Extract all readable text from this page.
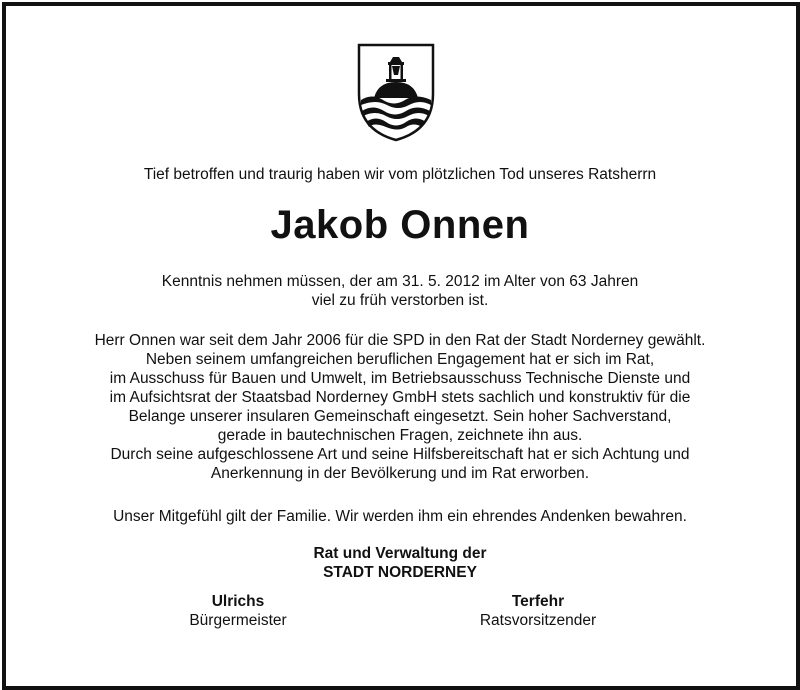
Tief betroffen und traurig haben wir vom plötzlichen Tod unseres Ratsherrn
Jakob Onnen
Kenntnis nehmen müssen, der am 31. 5. 2012 im Alter von 63 Jahren
viel zu früh verstorben ist.
Herr Onnen war seit dem Jahr 2006 für die SPD in den Rat der Stadt Norderney gewählt.
Neben seinem umfangreichen beruflichen Engagement hat er sich im Rat,
im Ausschuss für Bauen und Umwelt, im Betriebsausschuss Technische Dienste und
im Aufsichtsrat der Staatsbad Norderney GmbH stets sachlich und konstruktiv für die
Belange unserer insularen Gemeinschaft eingesetzt. Sein hoher Sachverstand,
gerade in bautechnischen Fragen, zeichnete ihn aus.
Durch seine aufgeschlossene Art und seine Hilfsbereitschaft hat er sich Achtung und
Anerkennung in der Bevölkerung und im Rat erworben.
Unser Mitgefühl gilt der Familie. Wir werden ihm ein ehrendes Andenken bewahren.
Rat und Verwaltung der
STADT NORDERNEY
Ulrichs
Bürgermeister
Terfehr
Ratsvorsitzender
